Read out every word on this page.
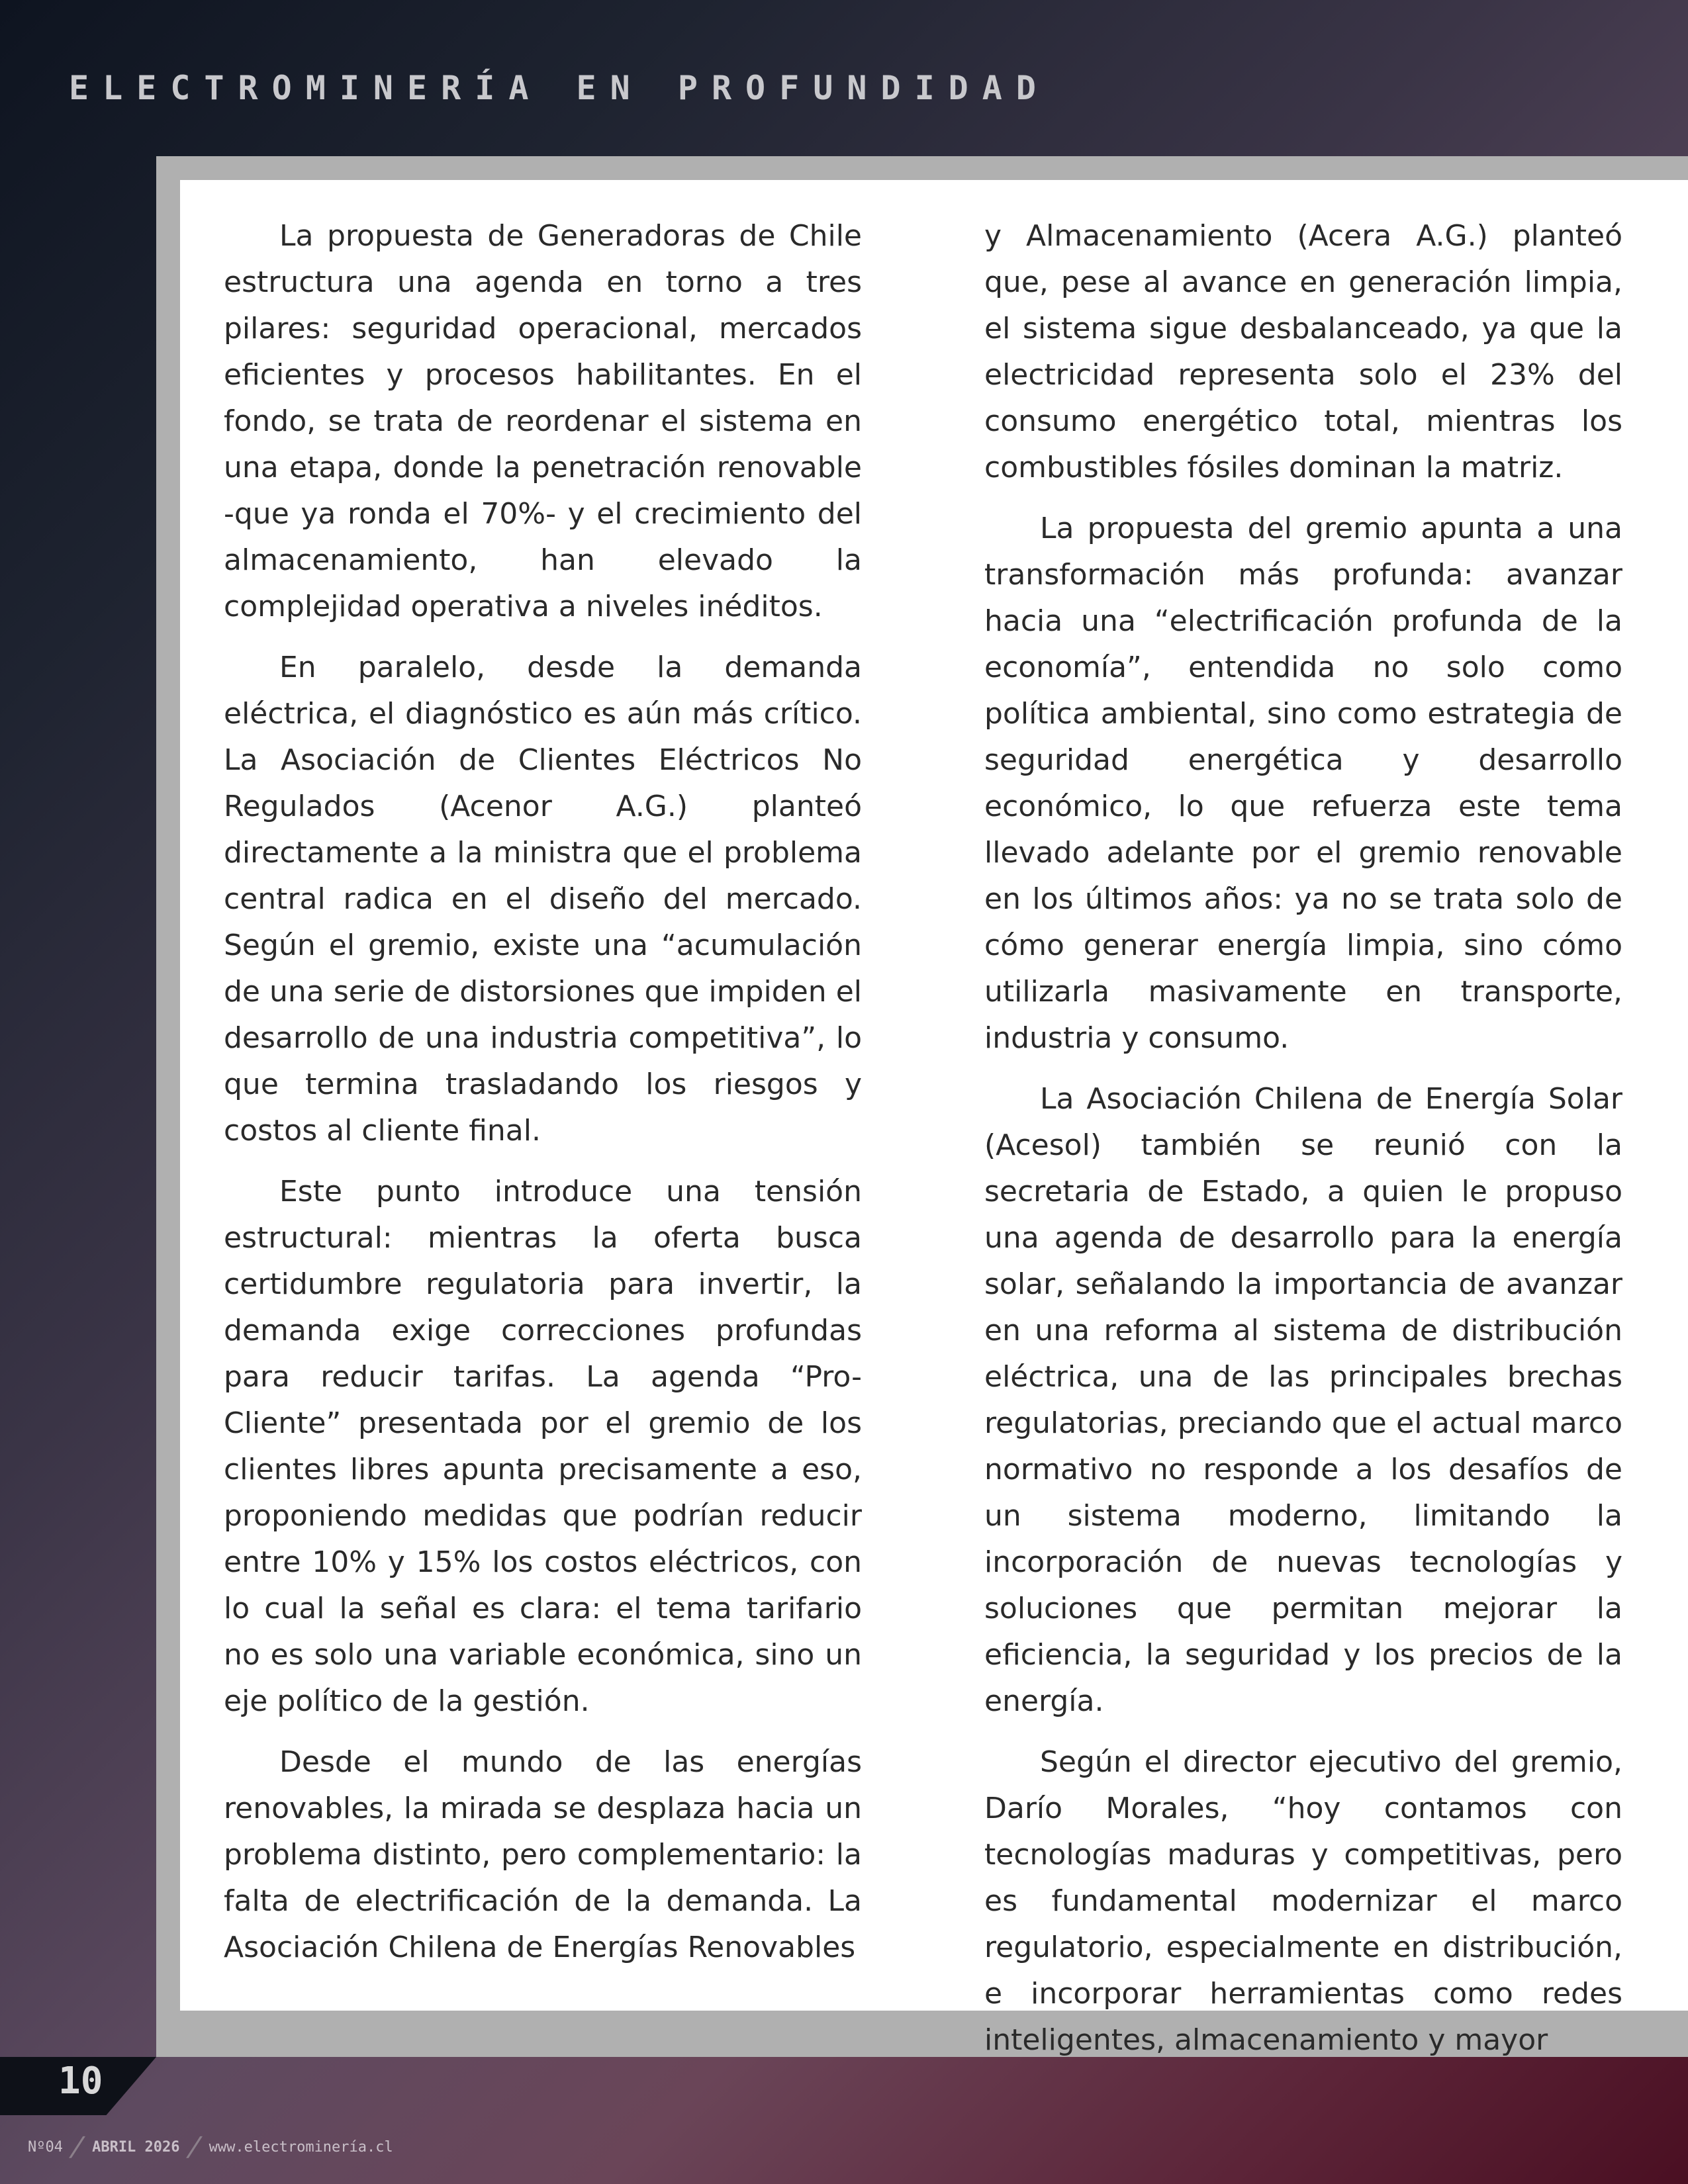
ELECTROMINERÍA EN PROFUNDIDAD

La propuesta de Generadoras de Chile estructura una agenda en torno a tres pilares: seguridad operacional, mercados eficientes y procesos habilitantes. En el fondo, se trata de reordenar el sistema en una etapa, donde la penetración renovable -que ya ronda el 70%- y el crecimiento del almacenamiento, han elevado la complejidad operativa a niveles inéditos.

En paralelo, desde la demanda eléctrica, el diagnóstico es aún más crítico. La Asociación de Clientes Eléctricos No Regulados (Acenor A.G.) planteó directamente a la ministra que el problema central radica en el diseño del mercado. Según el gremio, existe una “acumulación de una serie de distorsiones que impiden el desarrollo de una industria competitiva”, lo que termina trasladando los riesgos y costos al cliente final.

Este punto introduce una tensión estructural: mientras la oferta busca certidumbre regulatoria para invertir, la demanda exige correcciones profundas para reducir tarifas. La agenda “Pro-Cliente” presentada por el gremio de los clientes libres apunta precisamente a eso, proponiendo medidas que podrían reducir entre 10% y 15% los costos eléctricos, con lo cual la señal es clara: el tema tarifario no es solo una variable económica, sino un eje político de la gestión.

Desde el mundo de las energías renovables, la mirada se desplaza hacia un problema distinto, pero complementario: la falta de electrificación de la demanda. La Asociación Chilena de Energías Renovables

y Almacenamiento (Acera A.G.) planteó que, pese al avance en generación limpia, el sistema sigue desbalanceado, ya que la electricidad representa solo el 23% del consumo energético total, mientras los combustibles fósiles dominan la matriz.

La propuesta del gremio apunta a una transformación más profunda: avanzar hacia una “electrificación profunda de la economía”, entendida no solo como política ambiental, sino como estrategia de seguridad energética y desarrollo económico, lo que refuerza este tema llevado adelante por el gremio renovable en los últimos años: ya no se trata solo de cómo generar energía limpia, sino cómo utilizarla masivamente en transporte, industria y consumo.

La Asociación Chilena de Energía Solar (Acesol) también se reunió con la secretaria de Estado, a quien le propuso una agenda de desarrollo para la energía solar, señalando la importancia de avanzar en una reforma al sistema de distribución eléctrica, una de las principales brechas regulatorias, preciando que el actual marco normativo no responde a los desafíos de un sistema moderno, limitando la incorporación de nuevas tecnologías y soluciones que permitan mejorar la eficiencia, la seguridad y los precios de la energía.

Según el director ejecutivo del gremio, Darío Morales, “hoy contamos con tecnologías maduras y competitivas, pero es fundamental modernizar el marco regulatorio, especialmente en distribución, e incorporar herramientas como redes inteligentes, almacenamiento y mayor

10
Nº04 / ABRIL 2026 / www.electrominería.cl
